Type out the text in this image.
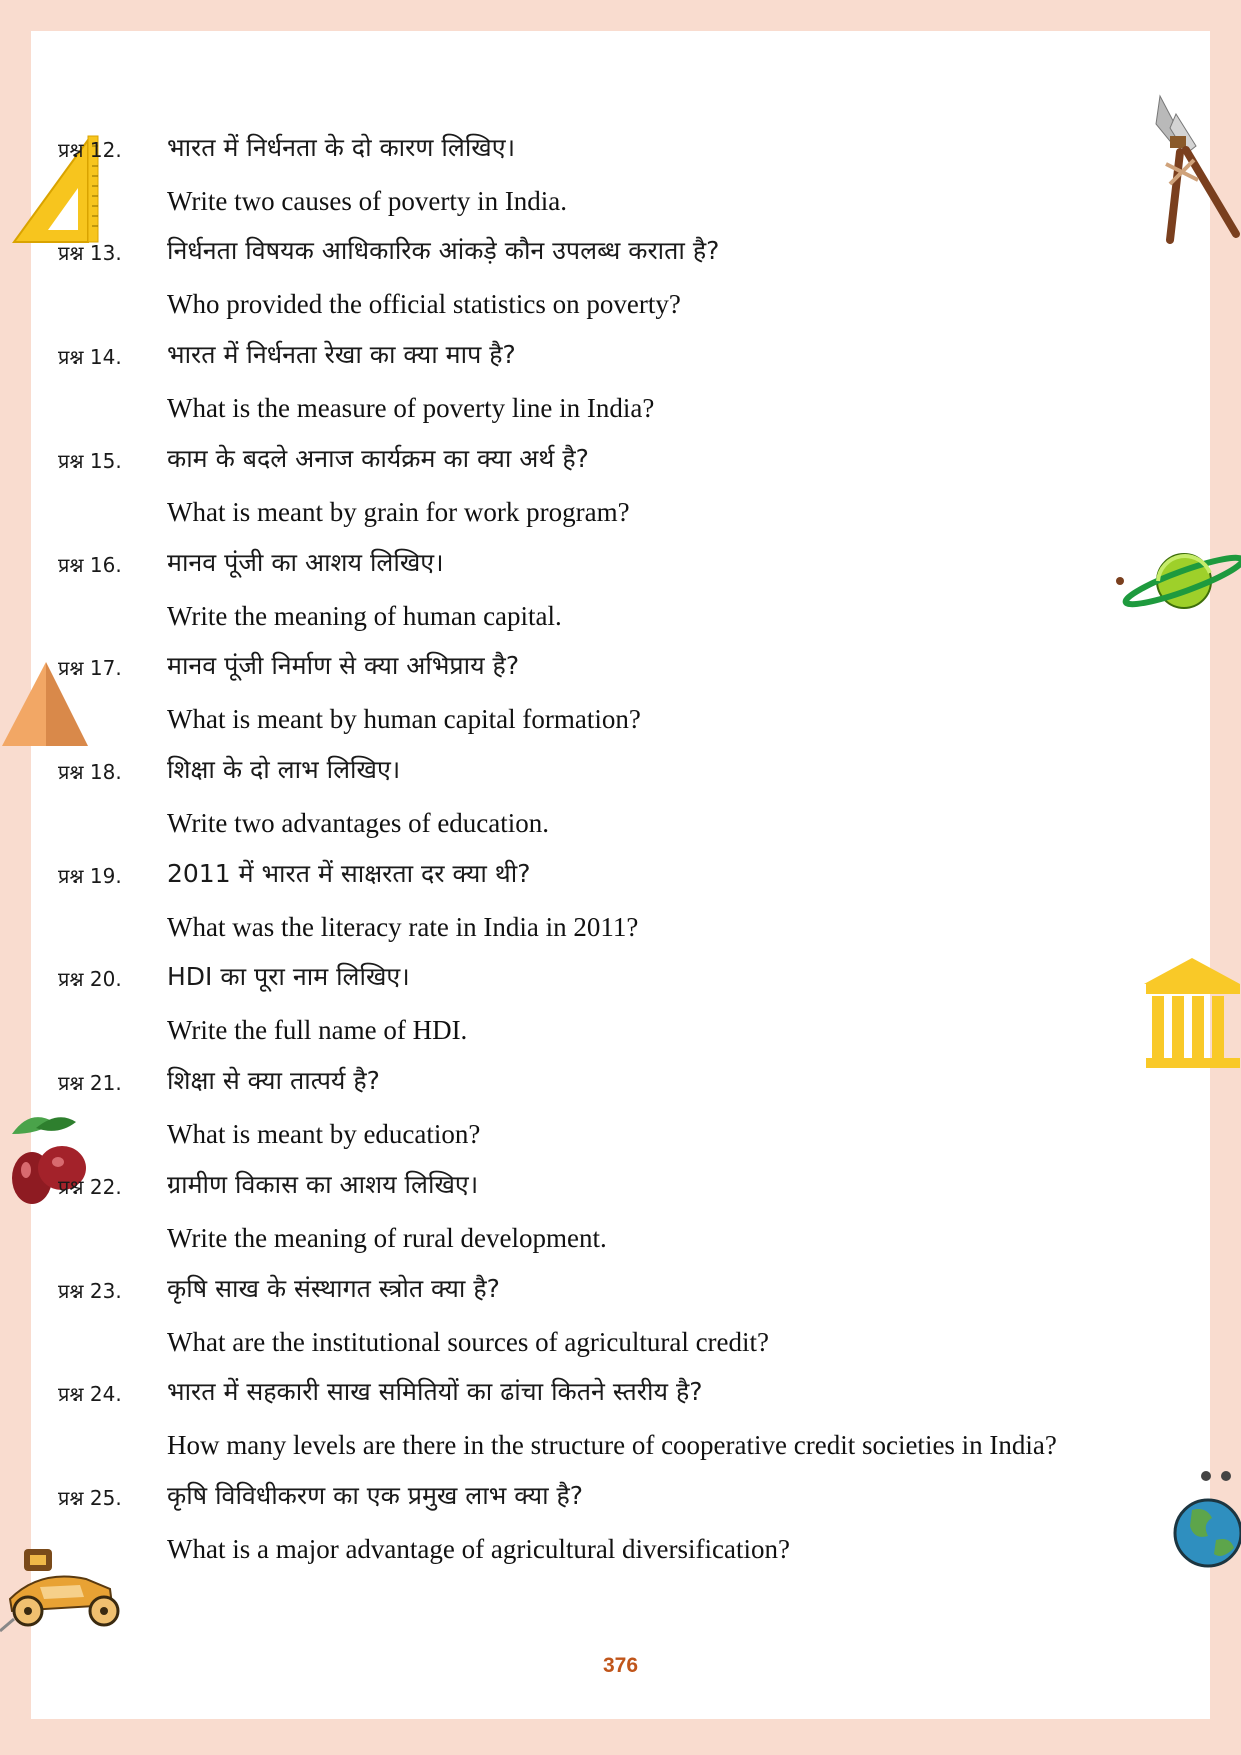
प्रश्न 12. भारत में निर्धनता के दो कारण लिखिए।
Write two causes of poverty in India.
प्रश्न 13. निर्धनता विषयक आधिकारिक आंकड़े कौन उपलब्ध कराता है?
Who provided the official statistics on poverty?
प्रश्न 14. भारत में निर्धनता रेखा का क्या माप है?
What is the measure of poverty line in India?
प्रश्न 15. काम के बदले अनाज कार्यक्रम का क्या अर्थ है?
What is meant by grain for work program?
प्रश्न 16. मानव पूंजी का आशय लिखिए।
Write the meaning of human capital.
प्रश्न 17. मानव पूंजी निर्माण से क्या अभिप्राय है?
What is meant by human capital formation?
प्रश्न 18. शिक्षा के दो लाभ लिखिए।
Write two advantages of education.
प्रश्न 19. 2011 में भारत में साक्षरता दर क्या थी?
What was the literacy rate in India in 2011?
प्रश्न 20. HDI का पूरा नाम लिखिए।
Write the full name of HDI.
प्रश्न 21. शिक्षा से क्या तात्पर्य है?
What is meant by education?
प्रश्न 22. ग्रामीण विकास का आशय लिखिए।
Write the meaning of rural development.
प्रश्न 23. कृषि साख के संस्थागत स्त्रोत क्या है?
What are the institutional sources of agricultural credit?
प्रश्न 24. भारत में सहकारी साख समितियों का ढांचा कितने स्तरीय है?
How many levels are there in the structure of cooperative credit societies in India?
प्रश्न 25. कृषि विविधीकरण का एक प्रमुख लाभ क्या है?
What is a major advantage of agricultural diversification?
376
